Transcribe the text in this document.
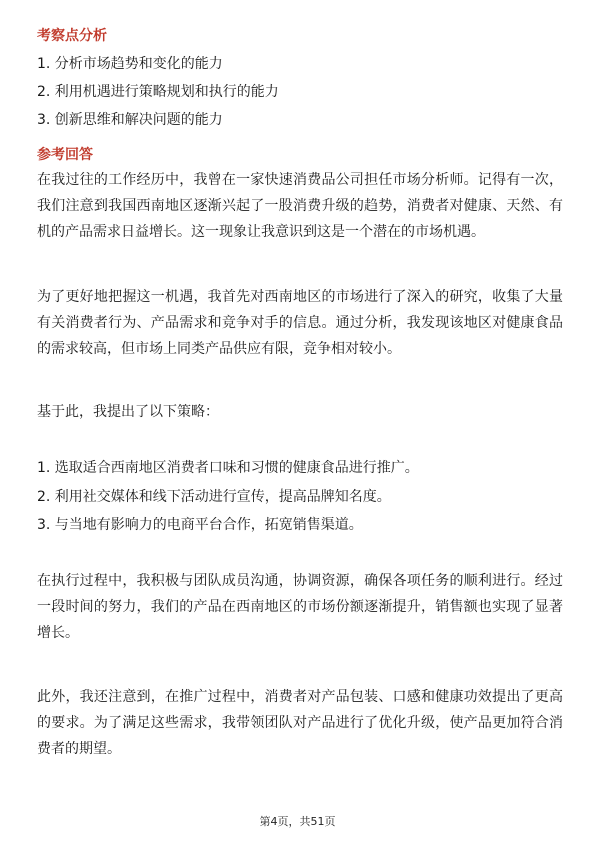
考察点分析
1. 分析市场趋势和变化的能力
2. 利用机遇进行策略规划和执行的能力
3. 创新思维和解决问题的能力
参考回答
在我过往的工作经历中，我曾在一家快速消费品公司担任市场分析师。记得有一次，我们注意到我国西南地区逐渐兴起了一股消费升级的趋势，消费者对健康、天然、有机的产品需求日益增长。这一现象让我意识到这是一个潜在的市场机遇。
为了更好地把握这一机遇，我首先对西南地区的市场进行了深入的研究，收集了大量有关消费者行为、产品需求和竞争对手的信息。通过分析，我发现该地区对健康食品的需求较高，但市场上同类产品供应有限，竞争相对较小。
基于此，我提出了以下策略：
1. 选取适合西南地区消费者口味和习惯的健康食品进行推广。
2. 利用社交媒体和线下活动进行宣传，提高品牌知名度。
3. 与当地有影响力的电商平台合作，拓宽销售渠道。
在执行过程中，我积极与团队成员沟通，协调资源，确保各项任务的顺利进行。经过一段时间的努力，我们的产品在西南地区的市场份额逐渐提升，销售额也实现了显著增长。
此外，我还注意到，在推广过程中，消费者对产品包装、口感和健康功效提出了更高的要求。为了满足这些需求，我带领团队对产品进行了优化升级，使产品更加符合消费者的期望。
第4页，共51页
